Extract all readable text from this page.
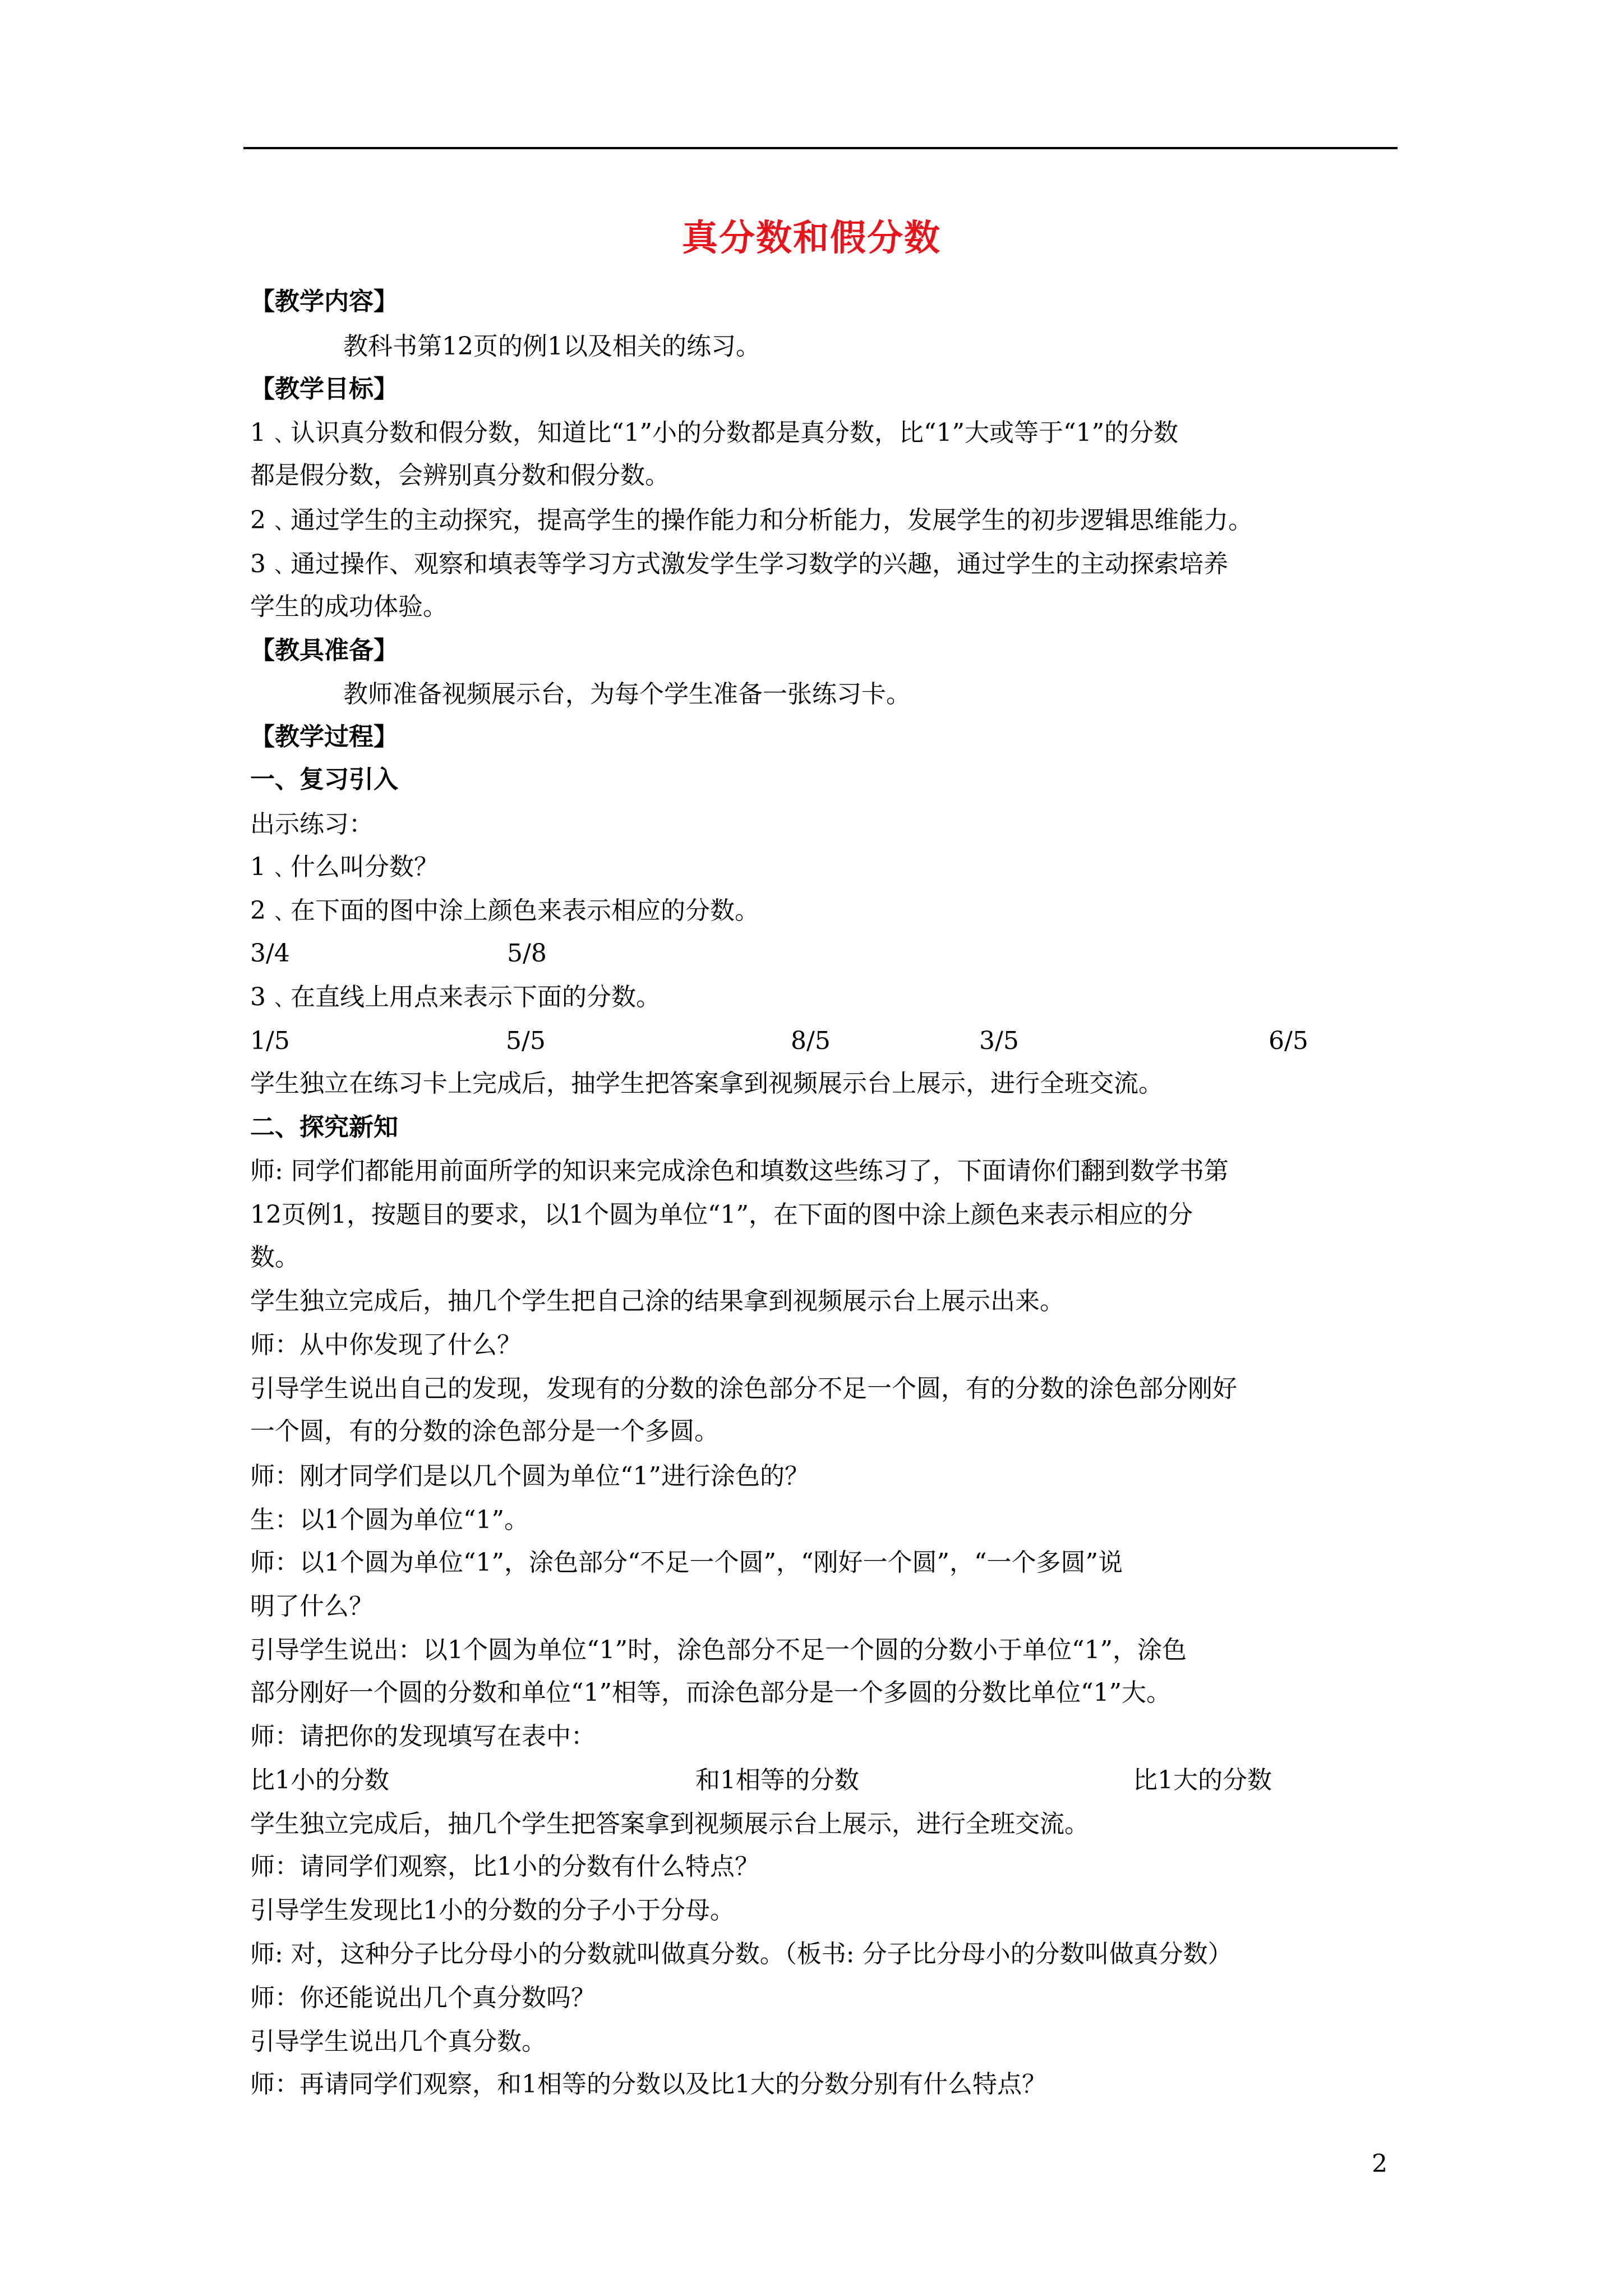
真分数和假分数
【教学内容】
教科书第12页的例1以及相关的练习。
【教学目标】
1﹑认识真分数和假分数，知道比“1”小的分数都是真分数，比“1”大或等于“1”的分数
都是假分数，会辨别真分数和假分数。
2﹑通过学生的主动探究，提高学生的操作能力和分析能力，发展学生的初步逻辑思维能力。
3﹑通过操作、观察和填表等学习方式激发学生学习数学的兴趣，通过学生的主动探索培养
学生的成功体验。
【教具准备】
教师准备视频展示台，为每个学生准备一张练习卡。
【教学过程】
一、复习引入
出示练习：
1﹑什么叫分数？
2﹑在下面的图中涂上颜色来表示相应的分数。
3/4	5/8
3﹑在直线上用点来表示下面的分数。
1/5	5/5	8/5	3/5	6/5
学生独立在练习卡上完成后，抽学生把答案拿到视频展示台上展示，进行全班交流。
二、探究新知
师: 同学们都能用前面所学的知识来完成涂色和填数这些练习了，下面请你们翻到数学书第
12页例1，按题目的要求，以1个圆为单位“1”，在下面的图中涂上颜色来表示相应的分
数。
学生独立完成后，抽几个学生把自己涂的结果拿到视频展示台上展示出来。
师：从中你发现了什么？
引导学生说出自己的发现，发现有的分数的涂色部分不足一个圆，有的分数的涂色部分刚好
一个圆，有的分数的涂色部分是一个多圆。
师：刚才同学们是以几个圆为单位“1”进行涂色的？
生：以1个圆为单位“1”。
师：以1个圆为单位“1”，涂色部分“不足一个圆”，“刚好一个圆”，“一个多圆”说
明了什么？
引导学生说出：以1个圆为单位“1”时，涂色部分不足一个圆的分数小于单位“1”，涂色
部分刚好一个圆的分数和单位“1”相等，而涂色部分是一个多圆的分数比单位“1”大。
师：请把你的发现填写在表中：
比1小的分数	和1相等的分数	比1大的分数
学生独立完成后，抽几个学生把答案拿到视频展示台上展示，进行全班交流。
师：请同学们观察，比1小的分数有什么特点？
引导学生发现比1小的分数的分子小于分母。
师: 对，这种分子比分母小的分数就叫做真分数。（板书: 分子比分母小的分数叫做真分数）
师：你还能说出几个真分数吗？
引导学生说出几个真分数。
师：再请同学们观察，和1相等的分数以及比1大的分数分别有什么特点？
2
